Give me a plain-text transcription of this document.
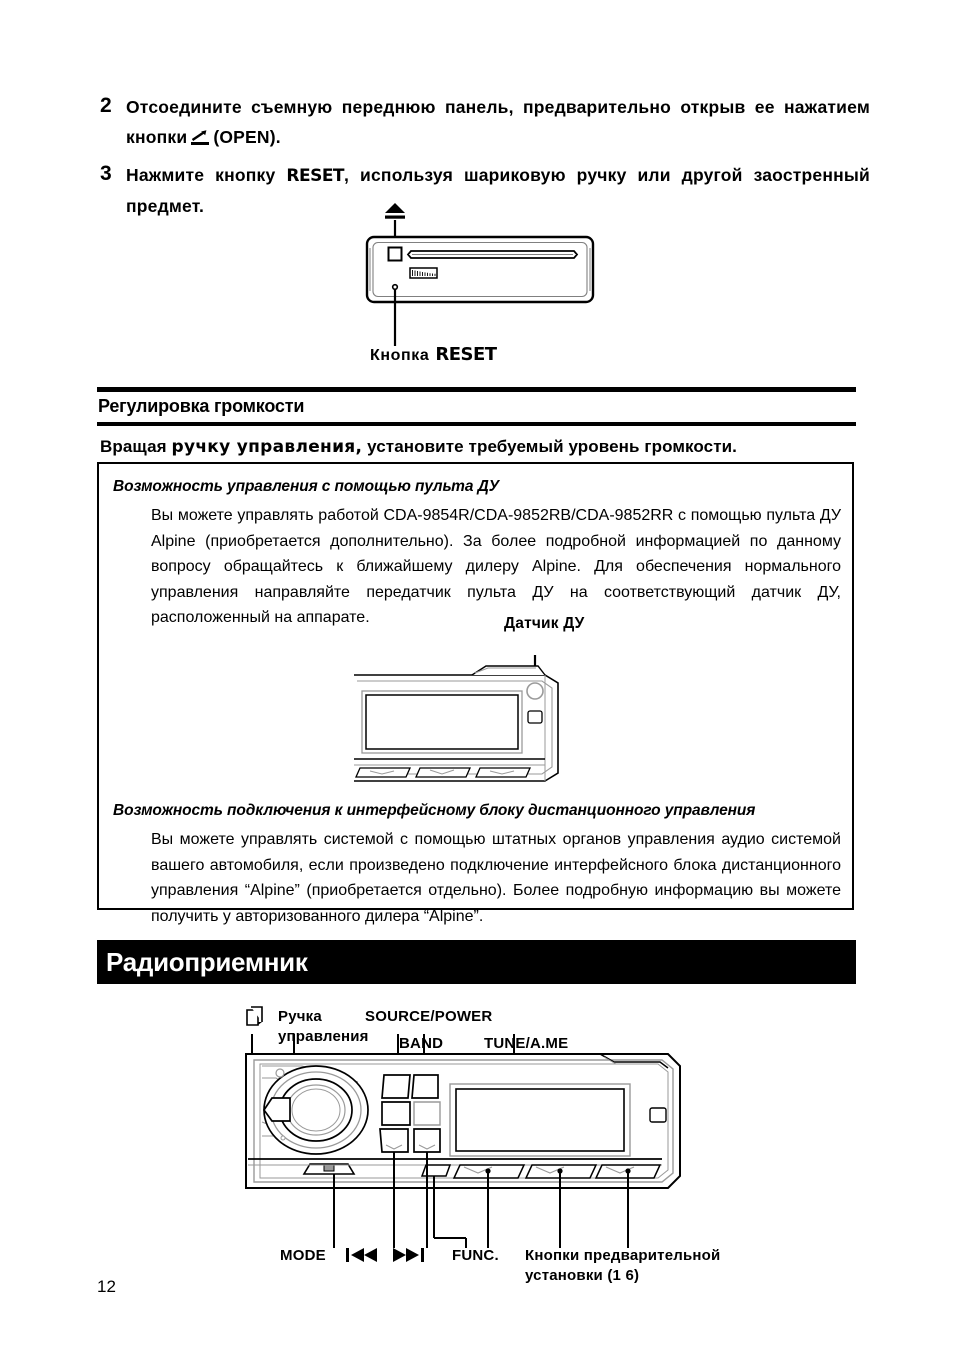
2 Отсоедините съемную переднюю панель, предварительно открыв ее нажатием кнопки (OPEN).
3 Нажмите кнопку RESET, используя шариковую ручку или другой заостренный предмет.
Кнопка RESET
Регулировка громкости
Вращая ручку управления, установите требуемый уровень громкости.
Возможность управления с помощью пульта ДУ
Вы можете управлять работой CDA-9854R/CDA-9852RB/CDA-9852RR с помощью пульта ДУ Alpine (приобретается дополнительно). За более подробной информацией по данному вопросу обращайтесь к ближайшему дилеру Alpine. Для обеспечения нормального управления направляйте передатчик пульта ДУ на соответствующий датчик ДУ, расположенный на аппарате.
Возможность подключения к интерфейсному блоку дистанционного управления
Вы можете управлять системой с помощью штатных органов управления аудио системой вашего автомобиля, если произведено подключение интерфейсного блока дистанционного управления “Alpine” (приобретается отдельно). Более подробную информацию вы можете получить у авторизованного дилера “Alpine”.
Датчик ДУ
Радиоприемник
Ручка
управления
SOURCE/POWER
BAND	TUNE/A.ME
MODE	FUNC. Кнопки предварительной
установки (1 6)
12
